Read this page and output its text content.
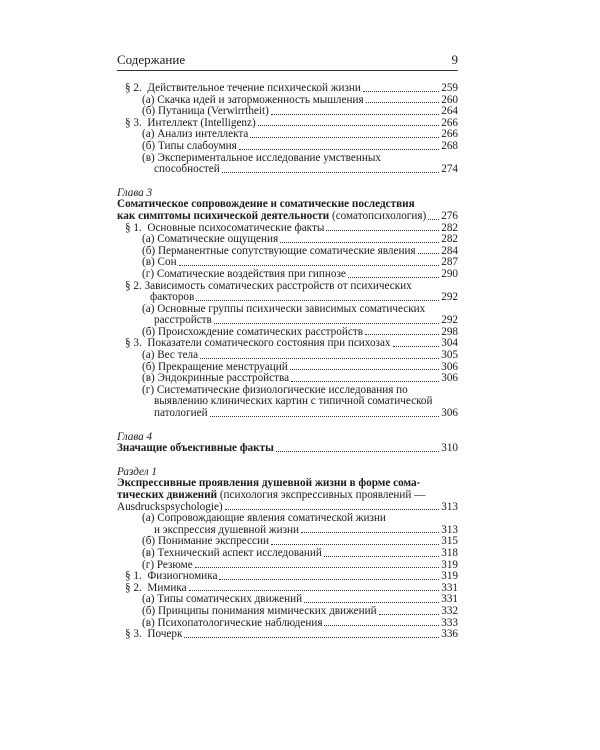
Содержание	9
§ 2. Действительное течение психической жизни	259
(а) Скачка идей и заторможенность мышления	260
(б) Путаница (Verwirrtheit)	264
§ 3. Интеллект (Intelligenz)	266
(а) Анализ интеллекта	266
(б) Типы слабоумия	268
(в) Экспериментальное исследование умственных
способностей	274
Глава 3
Соматическое сопровождение и соматические последствия
как симптомы психической деятельности (соматопсихология) 276
§ 1. Основные психосоматические факты	282
(а) Соматические ощущения	282
(б) Перманентные сопутствующие соматические явления 284
(в) Сон	287
(г) Соматические воздействия при гипнозе	290
§ 2. Зависимость соматических расстройств от психических
факторов	292
(а) Основные группы психически зависимых соматических
расстройств	292
(б) Происхождение соматических расстройств	298
§ 3. Показатели соматического состояния при психозах	304
(а) Вес тела	305
(б) Прекращение менструаций	306
(в) Эндокринные расстройства	306
(г) Систематические физиологические исследования по
выявлению клинических картин с типичной соматической
патологией	306
Глава 4
Значащие объективные факты	310
Раздел 1
Экспрессивные проявления душевной жизни в форме сома-
тических движений (психология экспрессивных проявлений —
Ausdruckspsychologie)	313
(а) Сопровождающие явления соматической жизни
и экспрессия душевной жизни	313
(б) Понимание экспрессии	315
(в) Технический аспект исследований	318
(г) Резюме	319
§ 1. Физиогномика	319
§ 2. Мимика	331
(а) Типы соматических движений	331
(б) Принципы понимания мимических движений	332
(в) Психопатологические наблюдения	333
§ 3. Почерк	336
